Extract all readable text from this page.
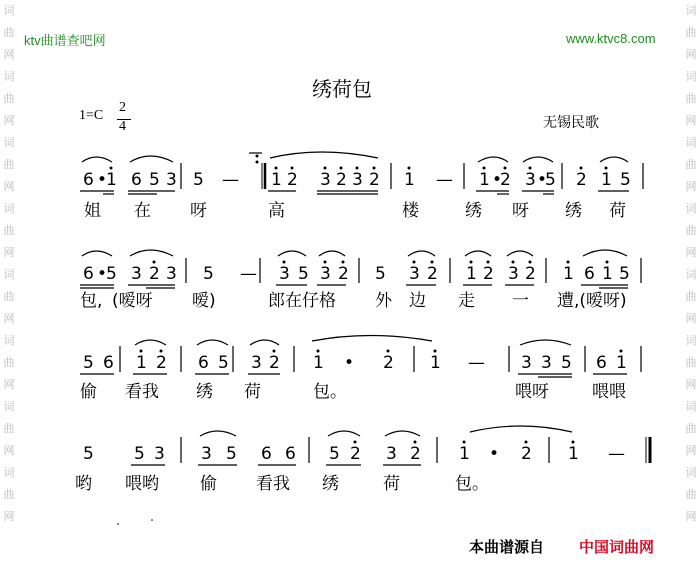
词
曲
网
词
曲
网
词
曲
网
词
曲
网
词
曲
网
词
曲
网
词
曲
网
词
曲
网
词
曲
网
词
曲
网
词
曲
网
词
曲
网
词
曲
网
词
曲
网
词
曲
网
词
曲
网
ktv曲谱查吧网	www.ktvc8.com
绣荷包
1=C
2
4	无锡民歌
6 •
1 6 5 3 5 — 1 2 3 2 3 2 1 — 1 •
2 3 •
5 2 1 5
6 •
5 3 2 3 5 — 3 5 3 2 5 3 2 1 2 3 2 1 6 1 5
5 6 1 2 6 5 3 2 1 • 2 1 — 3 3 5 6 1
5 5 3 3 5 6 6 5 2 3 2 1 • 2 1 —
姐 在 呀	高	楼	绣 呀 绣 荷
包, (嗳呀 嗳)	郎在仔格 外 边 走 一 遭,(嗳呀)
偷 看我 绣 荷	包。	喂呀	喂喂
哟 喂哟 偷 看我 绣	荷	包。
本曲谱源自 中国词曲网
